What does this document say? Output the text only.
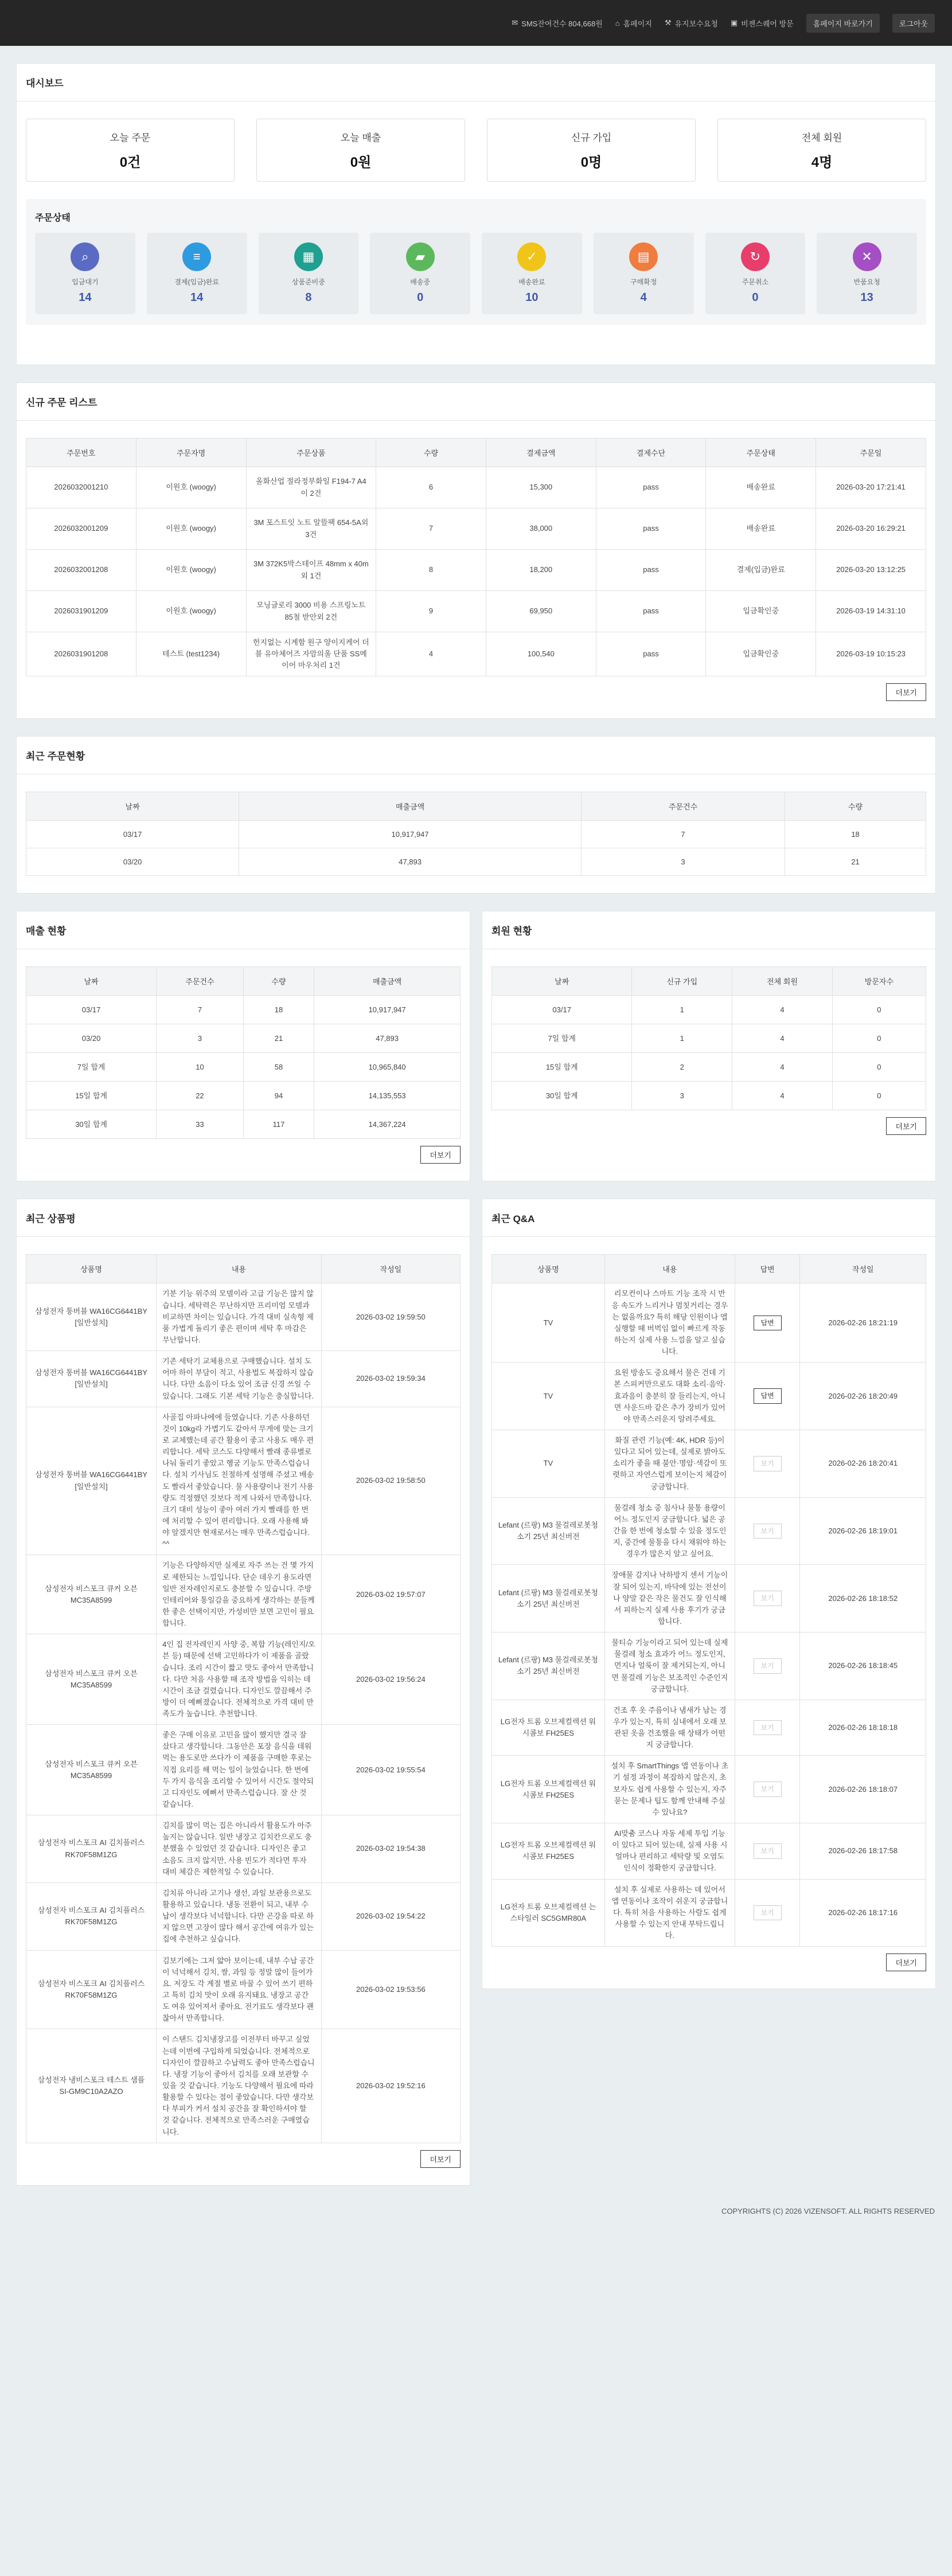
✉ SMS잔여건수 804,668원 ⌂ 홈페이지 ⚒ 유지보수요청 ▣ 비젠스퀘어 방문	홈페이지 바로가기	로그아웃
대시보드
오늘 주문
0건
오늘 매출
0원
신규 가입
0명
전체 회원
4명
주문상태
⌕
입금대기
14
≡
결제(입금)완료
14
▦
상품준비중
8
▰
배송중
0
✓
배송완료
10
▤
구매확정
4
↻
주문취소
0
✕
반품요청
13
신규 주문 리스트
주문번호	주문자명	주문상품	수량	결제금액	결제수단	주문상태	주문일
2026032001210	이원호 (woogy)	올화산업 절라정부화일 F194-7 A4 이 2건	6	15,300	pass	배송완료	2026-03-20 17:21:41
2026032001209	이원호 (woogy)	3M 포스트잇 노트 알뜰팩 654-5A외 3건	7	38,000	pass	배송완료	2026-03-20 16:29:21
2026032001208	이원호 (woogy)	3M 372K5박스테이프 48mm x 40m외 1건	8	18,200	pass	결제(입금)완료	2026-03-20 13:12:25
2026031901209	이원호 (woogy)	모닝글로리 3000 비용 스프링노트 85철 받안외 2건	9	69,950	pass	입금확인중	2026-03-19 14:31:10
2026031901208	테스트 (test1234)	헌지없는 시계함 원구 양이지케어 더블 유아체어즈 자맘의울 단품 SS메이어 마우처리 1건	4	100,540	pass	입금확인중	2026-03-19 10:15:23
더보기
최근 주문현황
날짜	매출금액	주문건수	수량
03/17	10,917,947	7	18
03/20	47,893	3	21
매출 현황
날짜	주문건수	수량	매출금액
03/17	7	18	10,917,947
03/20	3	21	47,893
7일 합계	10	58	10,965,840
15일 합계	22	94	14,135,553
30일 합계	33	117	14,367,224
더보기
회원 현황
날짜	신규 가입	전체 회원	방문자수
03/17	1	4	0
7일 합계	1	4	0
15일 합계	2	4	0
30일 합계	3	4	0
더보기
최근 상품평
상품명	내용	작성일
삼성전자 통버블 WA16CG6441BY [일반설치]	기분 기능 위주의 모델이라 고급 기능은 많지 않습니다. 세탁력은 무난하지만 프리미엄 모델과 비교하면 차이는 있습니다. 가격 대비 실속형 제품 가볍게 돌리기 좋은 편이며 세탁 후 마감은 무난합니다.	2026-03-02 19:59:50
삼성전자 통버블 WA16CG6441BY [일반설치]	기존 세탁기 교체용으로 구매했습니다. 설치 도 어마 하이 부담이 적고, 사용법도 복잡하지 않습니다. 다만 소음이 다소 있어 조금 신경 쓰일 수 있습니다. 그래도 기본 세탁 기능은 충실합니다.	2026-03-02 19:59:34
삼성전자 통버블 WA16CG6441BY [일반설치]	사골집 아파나에에 들였습니다. 기존 사용하던 것이 10kg라 가볍기도 같아서 무게에 맞는 크기로 교체했는데 공간 활용이 좋고 사용도 매우 편리합니다. 세탁 코스도 다양해서 빨래 종류별로 나눠 돌리기 좋았고 헹굼 기능도 만족스럽습니다. 설치 기사님도 친절하게 설명해 주셨고 배송도 빨라서 좋았습니다. 물 사용량이나 전기 사용량도 걱정했던 것보다 적게 나와서 만족합니다. 크기 대비 성능이 좋아 여러 가지 빨래를 한 번에 처리할 수 있어 편리합니다. 오래 사용해 봐야 알겠지만 현재로서는 매우 만족스럽습니다. ^^	2026-03-02 19:58:50
삼성전자 비스포크 큐커 오븐 MC35A8599	기능은 다양하지만 실제로 자주 쓰는 건 몇 가지 로 제한되는 느낌입니다. 단순 데우기 용도라면 일반 전자레인지로도 충분할 수 있습니다. 주방 인테리어와 통일감을 중요하게 생각하는 분들께 한 좋은 선택이지만, 가성비만 보면 고민이 필요합니다.	2026-03-02 19:57:07
삼성전자 비스포크 큐커 오븐 MC35A8599	4인 집 전자레인지 사양 중, 복합 기능(레인지/오븐 등) 때문에 선택 고민하다가 이 제품을 골랐습니다. 조리 시간이 짧고 맛도 좋아서 만족합니다. 다만 처음 사용할 때 조작 방법을 익히는 데 시간이 조금 걸렸습니다. 디자인도 깔끔해서 주방이 더 예뻐졌습니다. 전체적으로 가격 대비 만족도가 높습니다. 추천합니다.	2026-03-02 19:56:24
삼성전자 비스포크 큐커 오븐 MC35A8599	좋은 구매 이유로 고민을 많이 했지만 결국 잘 샀다고 생각합니다. 그동안은 포장 음식을 데워 먹는 용도로만 쓰다가 이 제품을 구매한 후로는 직접 요리를 해 먹는 일이 늘었습니다. 한 번에 두 가지 음식을 조리할 수 있어서 시간도 절약되고 디자인도 예뻐서 만족스럽습니다. 잘 산 것 같습니다.	2026-03-02 19:55:54
삼성전자 비스포크 AI 김치플러스 RK70F58M1ZG	김치를 많이 먹는 집은 아니라서 활용도가 아주 높지는 않습니다. 일반 냉장고 김치칸으로도 충분했을 수 있었던 것 같습니다. 디자인은 좋고 소음도 크지 않지만, 사용 빈도가 적다면 투자 대비 체감은 제한적일 수 있습니다.	2026-03-02 19:54:38
삼성전자 비스포크 AI 김치플러스 RK70F58M1ZG	김치류 아니라 고기나 생선, 과일 보관용으로도 활용하고 있습니다. 냉동 전환이 되고, 내부 수납이 생각보다 넉넉합니다. 다만 곤강을 따로 하지 않으면 고장이 많다 해서 공간에 여유가 있는 집에 추천하고 싶습니다.	2026-03-02 19:54:22
삼성전자 비스포크 AI 김치플러스 RK70F58M1ZG	김보기에는 그저 얇아 보이는데, 내부 수납 공간이 넉넉해서 김치, 쌀, 과일 등 정말 많이 들어가요. 저장도 각 계절 별로 바꿀 수 있어 쓰기 편하고 특히 김치 맛이 오래 유지돼요. 냉장고 공간도 여유 있어져서 좋아요. 전기료도 생각보다 괜찮아서 만족합니다.	2026-03-02 19:53:56
삼성전자 냉비스포크 테스트 샘플 SI-GM9C10A2AZO	이 스탠드 김치냉장고를 이전부터 바꾸고 싶었는데 이번에 구입하게 되었습니다. 전체적으로 디자인이 깔끔하고 수납력도 좋아 만족스럽습니다. 냉장 기능이 좋아서 김치를 오래 보관할 수 있을 것 같습니다. 기능도 다양해서 필요에 따라 활용할 수 있다는 점이 좋았습니다. 다만 생각보다 부피가 커서 설치 공간을 잘 확인하셔야 할 것 같습니다. 전체적으로 만족스러운 구매였습니다.	2026-03-02 19:52:16
더보기
최근 Q&A
상품명	내용	답변	작성일
TV	리모컨이나 스마트 기능 조작 시 반응 속도가 느리거나 멈칫거리는 경우는 없을까요? 특히 해당 인원이나 앱 실행할 때 버벅임 없이 빠르게 작동하는지 실제 사용 느낌을 알고 싶습니다.	답변	2026-02-26 18:21:19
TV	요원 방송도 중요해서 물은 건데 기본 스피커만으로도 대화 소리·음악·효과음이 충분히 잘 들리는지, 아니면 사운드바 같은 추가 장비가 있어야 만족스러운지 알려주세요.	답변	2026-02-26 18:20:49
TV	화질 관련 기능(예: 4K, HDR 등)이 있다고 되어 있는데, 실제로 밝아도 소리가 좋을 때 불안·명암·색감이 또렷하고 자연스럽게 보이는지 체감이 궁금합니다.	보기	2026-02-26 18:20:41
Lefant (르팡) M3 물걸레로봇청소기 25년 최신버전	물걸레 청소 중 침사나 물통 용량이 어느 정도인지 궁금합니다. 넓은 공간을 한 번에 청소할 수 있을 정도인지, 중간에 물통을 다시 채워야 하는 경우가 많은지 알고 싶어요.	보기	2026-02-26 18:19:01
Lefant (르팡) M3 물걸레로봇청소기 25년 최신버전	장애물 감지나 낙하방지 센서 기능이 잘 되어 있는지, 바닥에 있는 전선이나 양말 같은 작은 물건도 잘 인식해서 피하는지 실제 사용 후기가 궁금합니다.	보기	2026-02-26 18:18:52
Lefant (르팡) M3 물걸레로봇청소기 25년 최신버전	물티슈 기능이라고 되어 있는데 실제 물걸레 청소 효과가 어느 정도인지, 먼지나 얼룩이 잘 제거되는지, 아니면 물걸레 기능은 보조적인 수준인지 궁금합니다.	보기	2026-02-26 18:18:45
LG전자 트롬 오브제컬렉션 워시콤보 FH25ES	건조 후 옷 주름이나 냄새가 남는 경우가 있는지, 특히 실내에서 오래 보관된 옷을 건조했을 때 상태가 어떤지 궁금합니다.	보기	2026-02-26 18:18:18
LG전자 트롬 오브제컬렉션 워시콤보 FH25ES	설치 후 SmartThings 앱 연동이나 초기 설정 과정이 복잡하지 않은지, 초보자도 쉽게 사용할 수 있는지, 자주 묻는 문제나 팁도 함께 안내해 주실 수 있나요?	보기	2026-02-26 18:18:07
LG전자 트롬 오브제컬렉션 워시콤보 FH25ES	AI맞춤 코스나 자동 세제 투입 기능이 있다고 되어 있는데, 실제 사용 시 얼마나 편리하고 세탁량 및 오염도 인식이 정확한지 궁금합니다.	보기	2026-02-26 18:17:58
LG전자 트롬 오브제컬렉션 는 스타일러 SC5GMR80A	설치 후 실제로 사용하는 데 있어서 앱 연동이나 조작이 쉬운지 궁금합니다. 특히 처음 사용하는 사람도 쉽게 사용할 수 있는지 안내 부탁드립니다.	보기	2026-02-26 18:17:16
더보기
COPYRIGHTS (C) 2026 VIZENSOFT. ALL RIGHTS RESERVED
